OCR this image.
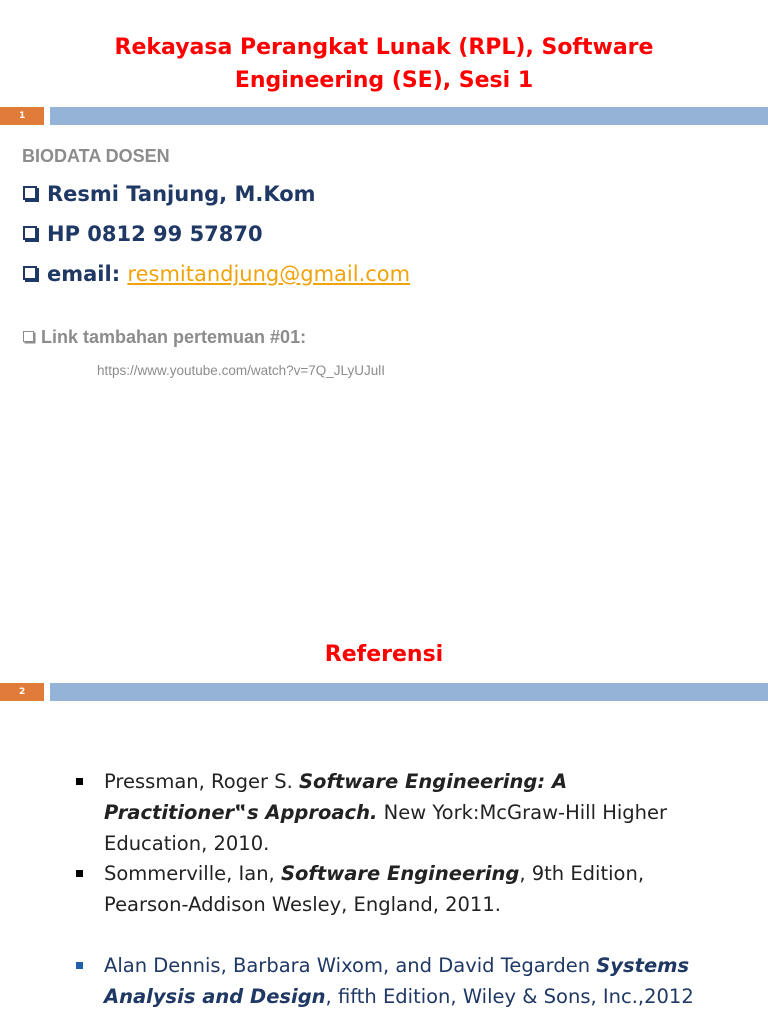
Rekayasa Perangkat Lunak (RPL), Software
Engineering (SE), Sesi 1
1
BIODATA DOSEN
Resmi Tanjung, M.Kom
HP 0812 99 57870
email: resmitandjung@gmail.com
Link tambahan pertemuan #01:
https://www.youtube.com/watch?v=7Q_JLyUJulI
Referensi
2
Pressman, Roger S. Software Engineering: A Practitioner‟s Approach. New York:McGraw-Hill Higher Education, 2010.
Sommerville, Ian, Software Engineering, 9th Edition, Pearson-Addison Wesley, England, 2011.
Alan Dennis, Barbara Wixom, and David Tegarden Systems Analysis and Design, fifth Edition, Wiley & Sons, Inc.,2012
